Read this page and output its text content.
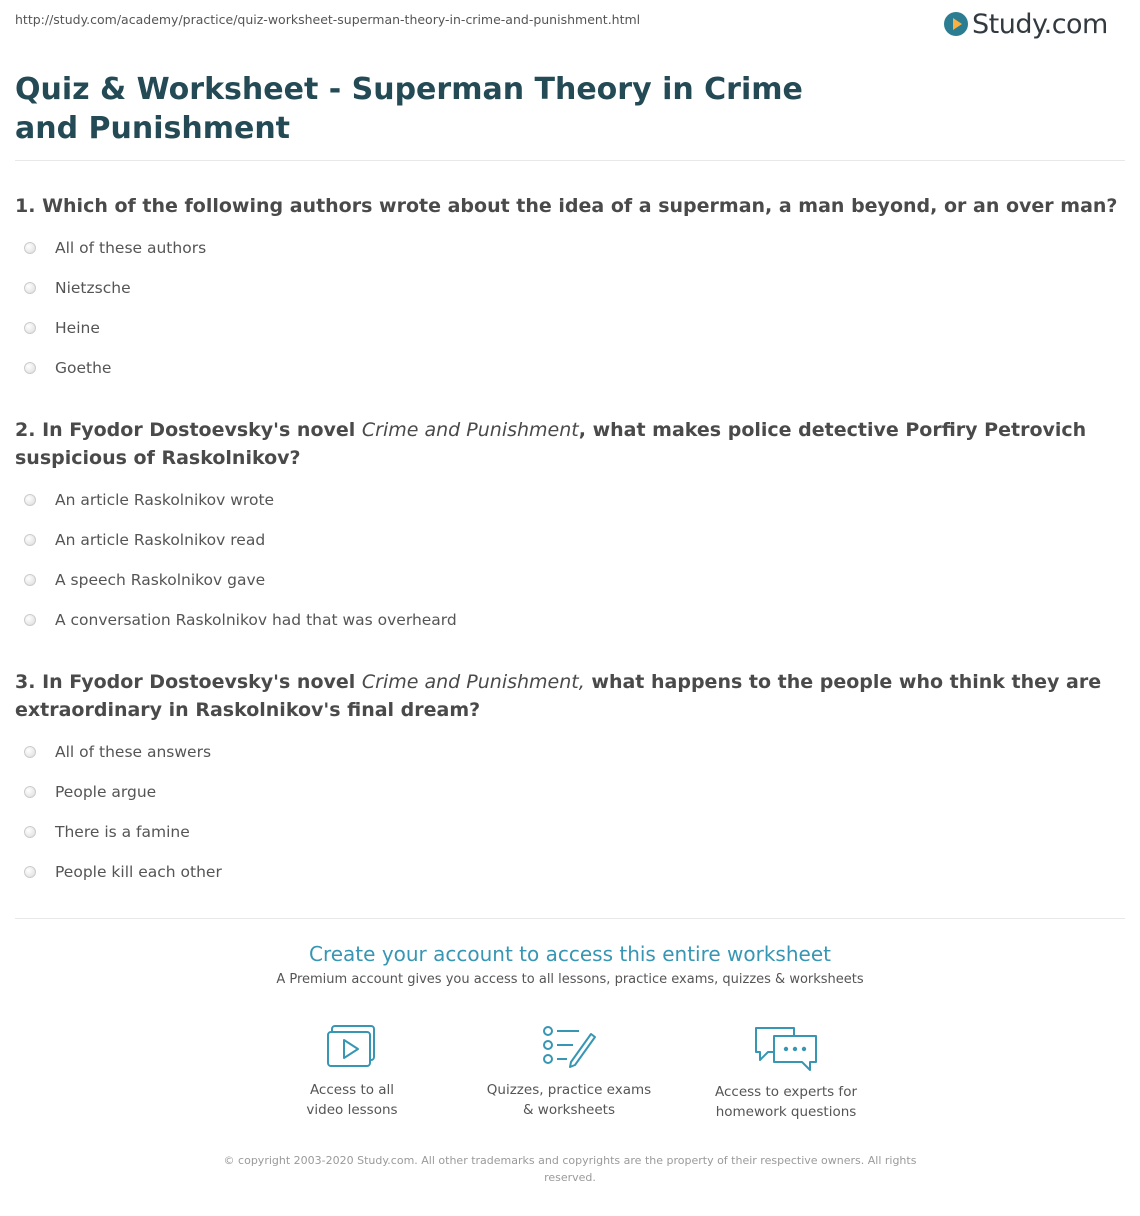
http://study.com/academy/practice/quiz-worksheet-superman-theory-in-crime-and-punishment.html	Study.com
Quiz & Worksheet - Superman Theory in Crime and Punishment
1. Which of the following authors wrote about the idea of a superman, a man beyond, or an over man?
All of these authors
Nietzsche
Heine
Goethe
2. In Fyodor Dostoevsky's novel Crime and Punishment, what makes police detective Porfiry Petrovich suspicious of Raskolnikov?
An article Raskolnikov wrote
An article Raskolnikov read
A speech Raskolnikov gave
A conversation Raskolnikov had that was overheard
3. In Fyodor Dostoevsky's novel Crime and Punishment, what happens to the people who think they are extraordinary in Raskolnikov's final dream?
All of these answers
People argue
There is a famine
People kill each other
Create your account to access this entire worksheet
A Premium account gives you access to all lessons, practice exams, quizzes & worksheets
Access to all
video lessons
Quizzes, practice exams
& worksheets
Access to experts for
homework questions
© copyright 2003-2020 Study.com. All other trademarks and copyrights are the property of their respective owners. All rights reserved.
